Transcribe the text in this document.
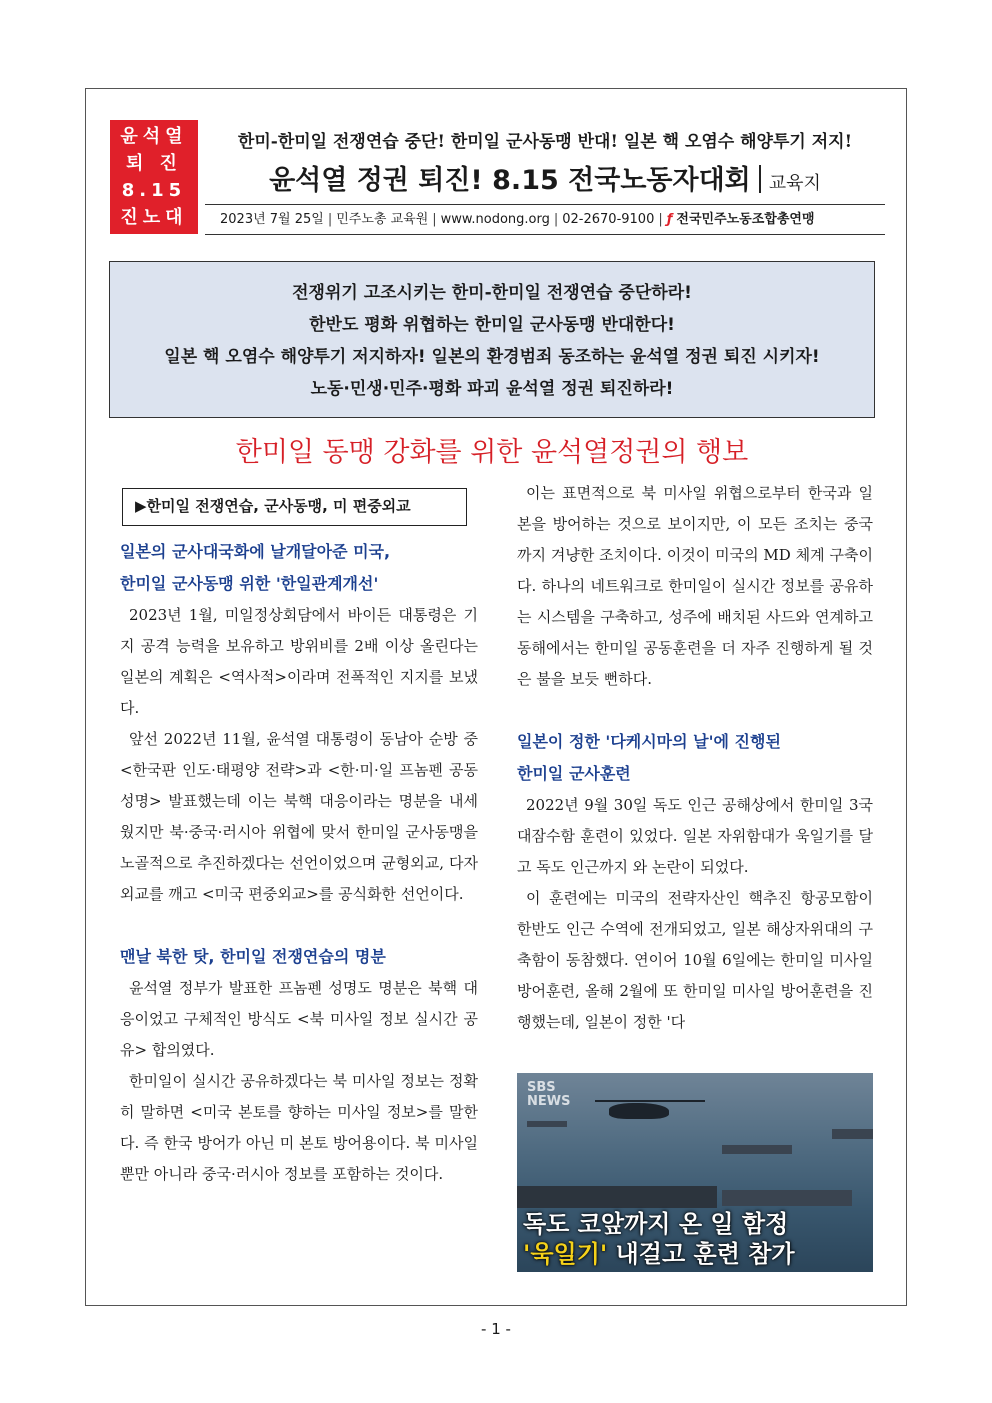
윤석열
퇴 진
8.15
진노대
한미-한미일 전쟁연습 중단! 한미일 군사동맹 반대! 일본 핵 오염수 해양투기 저지!
윤석열 정권 퇴진! 8.15 전국노동자대회 교육지
2023년 7월 25일 | 민주노총 교육원 | www.nodong.org | 02-2670-9100 | ƒ 전국민주노동조합총연맹
전쟁위기 고조시키는 한미-한미일 전쟁연습 중단하라!
한반도 평화 위협하는 한미일 군사동맹 반대한다!
일본 핵 오염수 해양투기 저지하자! 일본의 환경범죄 동조하는 윤석열 정권 퇴진 시키자!
노동·민생·민주·평화 파괴 윤석열 정권 퇴진하라!
한미일 동맹 강화를 위한 윤석열정권의 행보
▶한미일 전쟁연습, 군사동맹, 미 편중외교
일본의 군사대국화에 날개달아준 미국,
한미일 군사동맹 위한 '한일관계개선'

2023년 1월, 미일정상회담에서 바이든 대통령은 기지 공격 능력을 보유하고 방위비를 2배 이상 올린다는 일본의 계획은 <역사적>이라며 전폭적인 지지를 보냈다.

앞선 2022년 11월, 윤석열 대통령이 동남아 순방 중 <한국판 인도·태평양 전략>과 <한·미·일 프놈펜 공동성명> 발표했는데 이는 북핵 대응이라는 명분을 내세웠지만 북·중국·러시아 위협에 맞서 한미일 군사동맹을 노골적으로 추진하겠다는 선언이었으며 균형외교, 다자외교를 깨고 <미국 편중외교>를 공식화한 선언이다.

맨날 북한 탓, 한미일 전쟁연습의 명분

윤석열 정부가 발표한 프놈펜 성명도 명분은 북핵 대응이었고 구체적인 방식도 <북 미사일 정보 실시간 공유> 합의였다.

한미일이 실시간 공유하겠다는 북 미사일 정보는 정확히 말하면 <미국 본토를 향하는 미사일 정보>를 말한다. 즉 한국 방어가 아닌 미 본토 방어용이다. 북 미사일뿐만 아니라 중국·러시아 정보를 포함하는 것이다.

이는 표면적으로 북 미사일 위협으로부터 한국과 일본을 방어하는 것으로 보이지만, 이 모든 조치는 중국까지 겨냥한 조치이다. 이것이 미국의 MD 체계 구축이다. 하나의 네트워크로 한미일이 실시간 정보를 공유하는 시스템을 구축하고, 성주에 배치된 사드와 연계하고 동해에서는 한미일 공동훈련을 더 자주 진행하게 될 것은 불을 보듯 뻔하다.

일본이 정한 '다케시마의 날'에 진행된
한미일 군사훈련

2022년 9월 30일 독도 인근 공해상에서 한미일 3국 대잠수함 훈련이 있었다. 일본 자위함대가 욱일기를 달고 독도 인근까지 와 논란이 되었다.

이 훈련에는 미국의 전략자산인 핵추진 항공모함이 한반도 인근 수역에 전개되었고, 일본 해상자위대의 구축함이 동참했다. 연이어 10월 6일에는 한미일 미사일 방어훈련, 올해 2월에 또 한미일 미사일 방어훈련을 진행했는데, 일본이 정한 '다

SBS
NEWS
독도 코앞까지 온 일 함정
'욱일기' 내걸고 훈련 참가
- 1 -
